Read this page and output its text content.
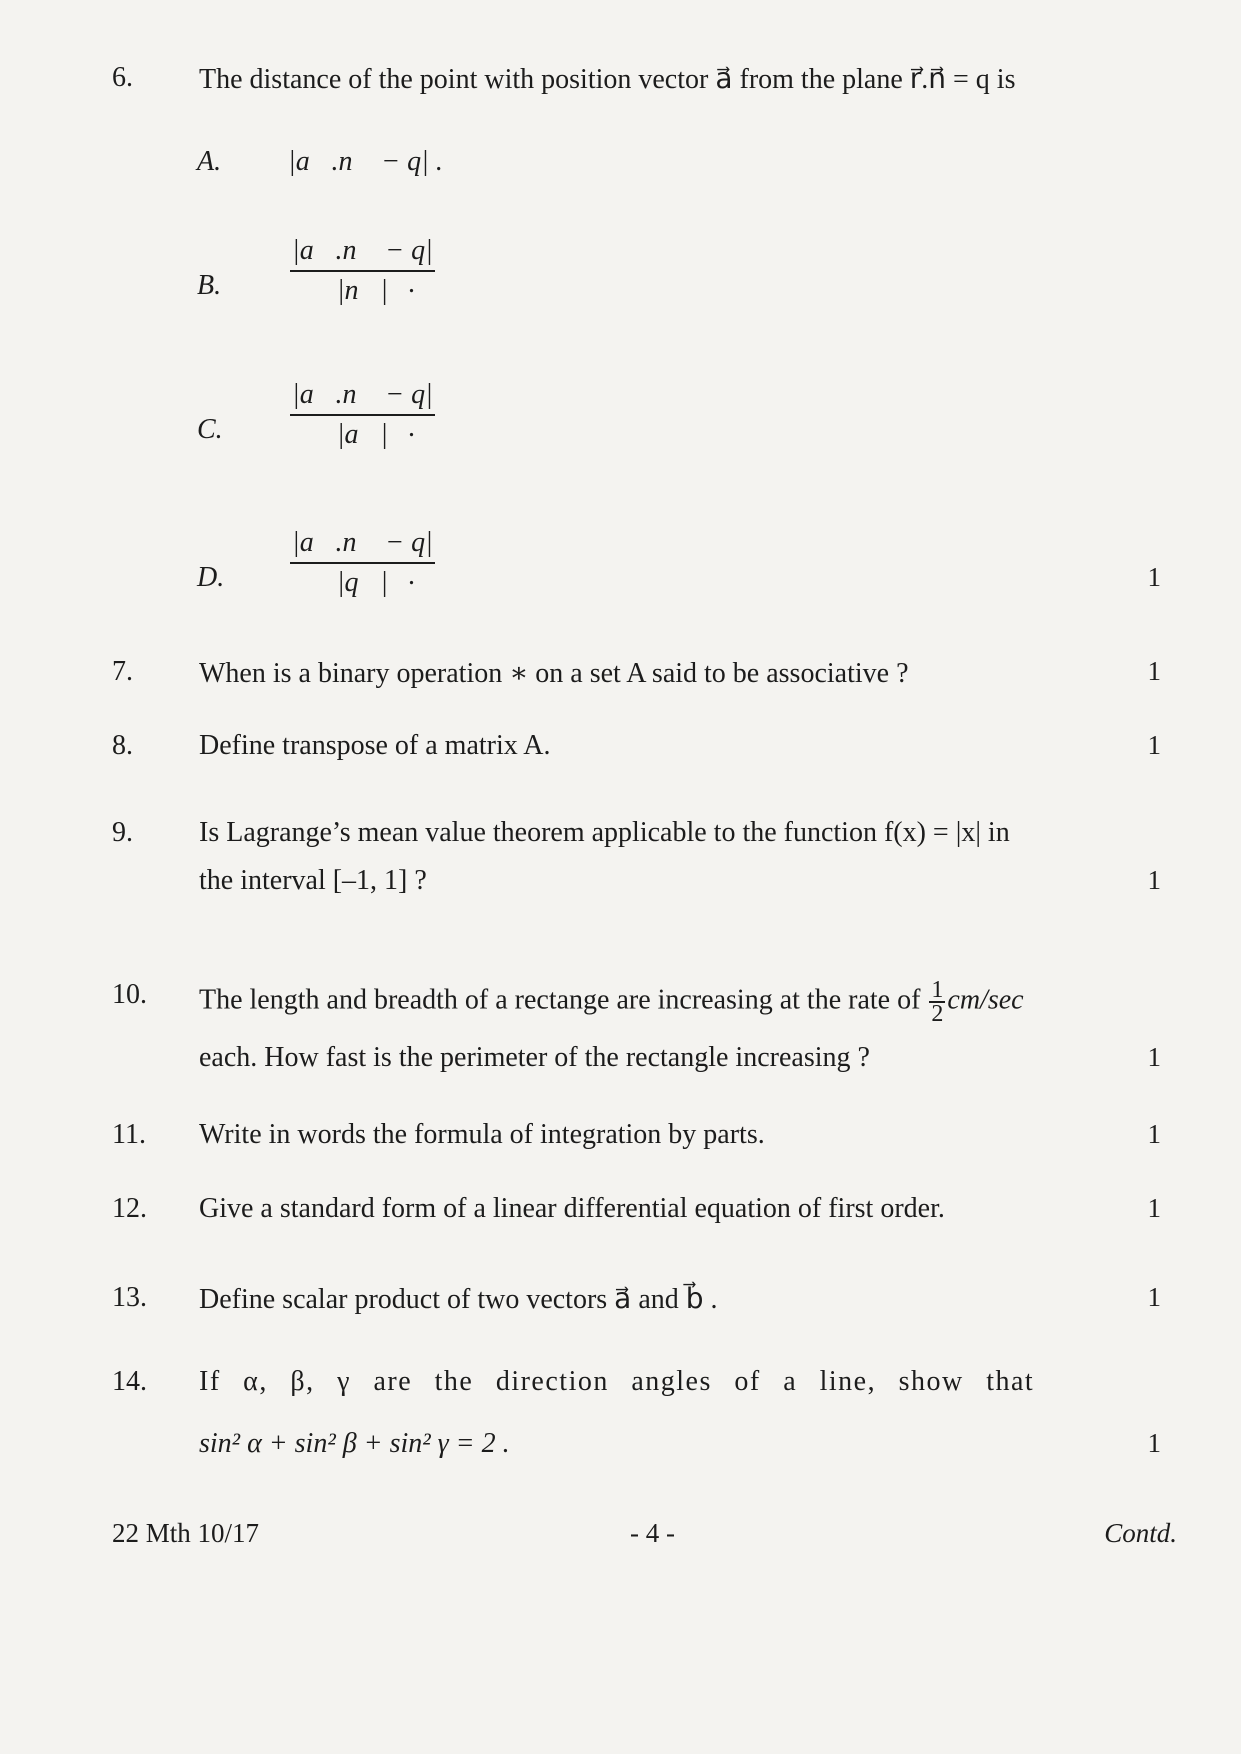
6. The distance of the point with position vector a⃗ from the plane r⃗.n⃗ = q is
A. |a⃗.n⃗ − q| .
B. $\frac{|a⃗.n⃗ - q|}{|n⃗|}$
.
C. $\frac{|a⃗.n⃗ - q|}{|a⃗|}$
.
D. $\frac{|a⃗.n⃗ - q|}{|q⃗|}$
.	1
7. When is a binary operation ∗ on a set A said to be associative ?	1
8. Define transpose of a matrix A.	1
9. Is Lagrange’s mean value theorem applicable to the function f(x) = |x| in
the interval [–1, 1] ?	1
10. The length and breadth of a rectange are increasing at the rate of $\frac{1}{2} cm/\sec$
each. How fast is the perimeter of the rectangle increasing ?	1
11. Write in words the formula of integration by parts.	1
12. Give a standard form of a linear differential equation of first order.	1
13. Define scalar product of two vectors a⃗ and b⃗ .	1
14. If α, β, γ are the direction angles of a line, show that
sin² α + sin² β + sin² γ = 2 .	1
22 Mth 10/17	- 4 -	Contd.
